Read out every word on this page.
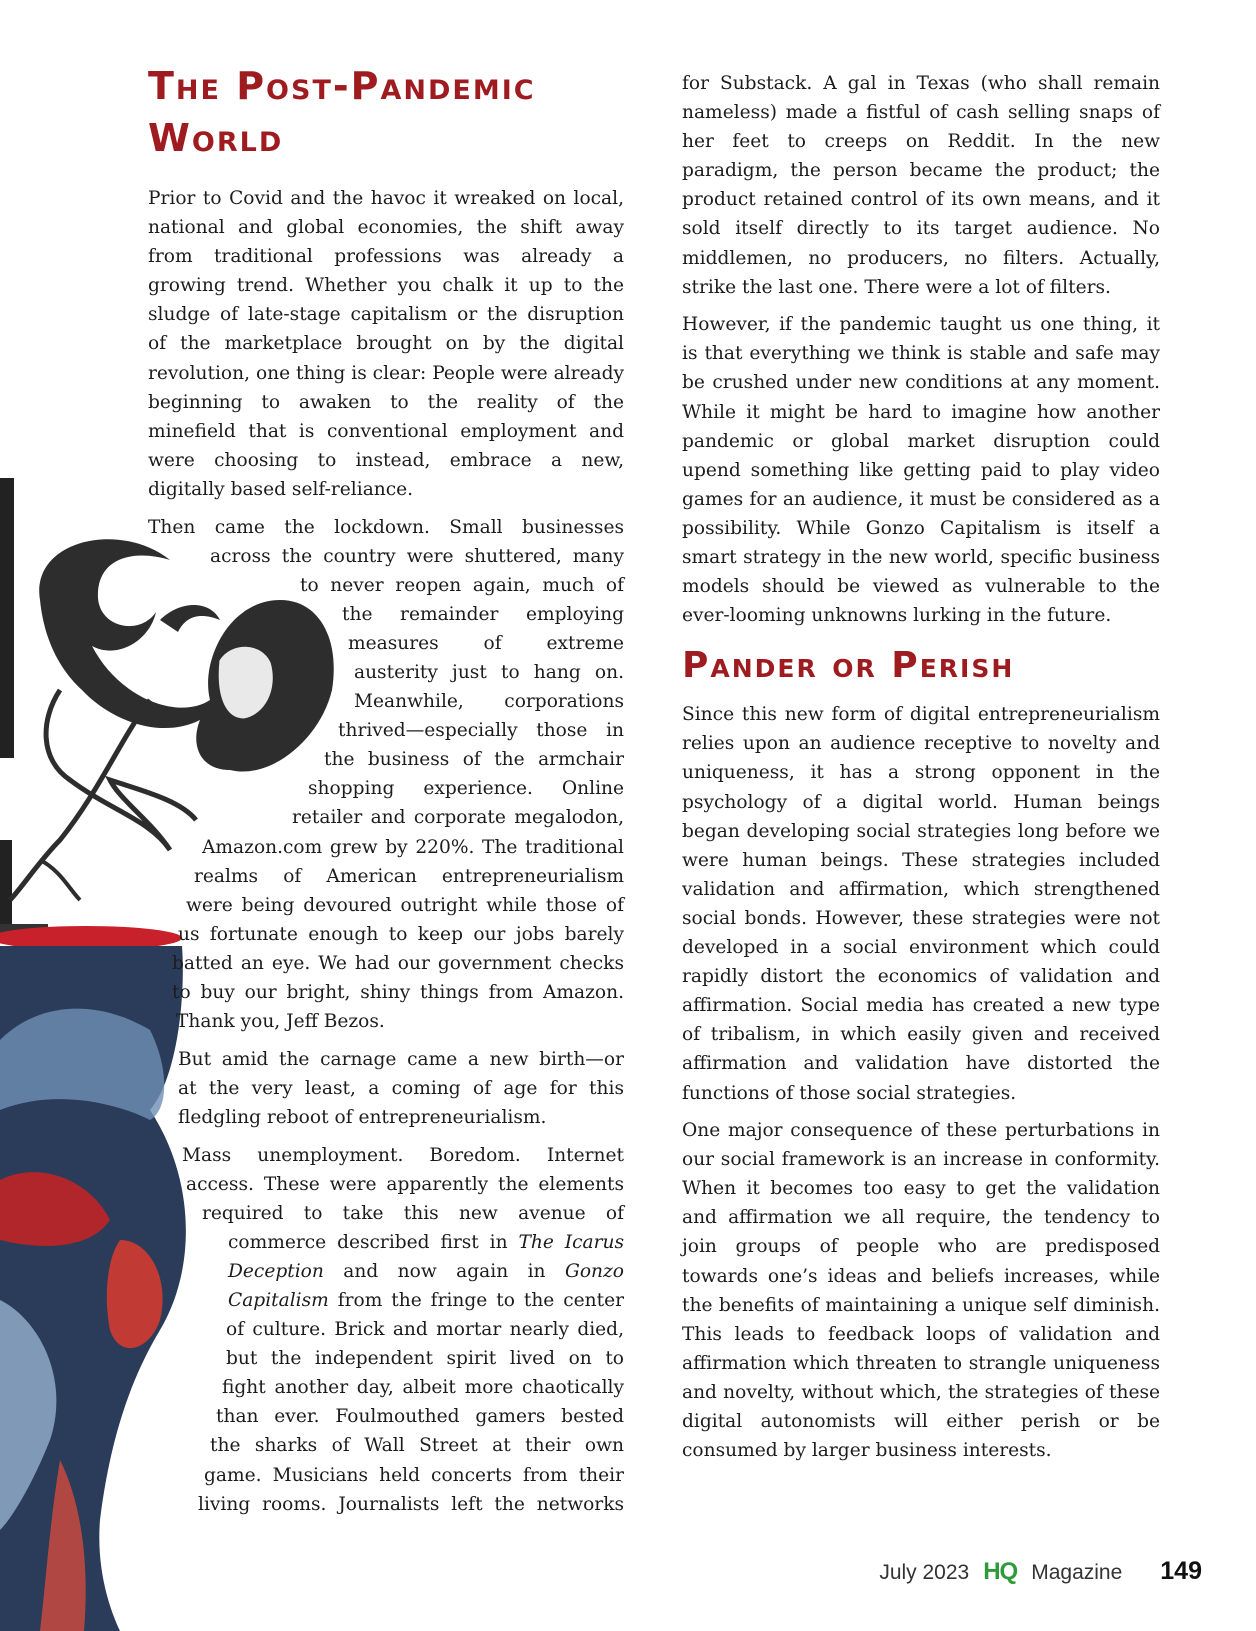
The Post-Pandemic World

Prior to Covid and the havoc it wreaked on local, national and global economies, the shift away from traditional professions was already a growing trend. Whether you chalk it up to the sludge of late-stage capitalism or the disruption of the marketplace brought on by the digital revolution, one thing is clear: People were already beginning to awaken to the reality of the minefield that is conventional employment and were choosing to instead, embrace a new, digitally based self-reliance.

Then came the lockdown. Small businesses
across the country were shuttered, many
to never reopen again, much of
the remainder employing
measures of extreme
austerity just to hang on.
Meanwhile, corporations
thrived—especially those in
the business of the armchair
shopping experience. Online
retailer and corporate megalodon,
Amazon.com grew by 220%. The traditional
realms of American entrepreneurialism
were being devoured outright while those of
us fortunate enough to keep our jobs barely
batted an eye. We had our government checks
to buy our bright, shiny things from Amazon.
Thank you, Jeff Bezos.

But amid the carnage came a new birth—or
at the very least, a coming of age for this
fledgling reboot of entrepreneurialism.

Mass unemployment. Boredom. Internet
access. These were apparently the elements
required to take this new avenue of
commerce described first in The Icarus
Deception and now again in Gonzo
Capitalism from the fringe to the center
of culture. Brick and mortar nearly died,
but the independent spirit lived on to
fight another day, albeit more chaotically
than ever. Foulmouthed gamers bested
the sharks of Wall Street at their own
game. Musicians held concerts from their
living rooms. Journalists left the networks

for Substack. A gal in Texas (who shall remain nameless) made a fistful of cash selling snaps of her feet to creeps on Reddit. In the new paradigm, the person became the product; the product retained control of its own means, and it sold itself directly to its target audience. No middlemen, no producers, no filters. Actually, strike the last one. There were a lot of filters.

However, if the pandemic taught us one thing, it is that everything we think is stable and safe may be crushed under new conditions at any moment. While it might be hard to imagine how another pandemic or global market disruption could upend something like getting paid to play video games for an audience, it must be considered as a possibility. While Gonzo Capitalism is itself a smart strategy in the new world, specific business models should be viewed as vulnerable to the ever-looming unknowns lurking in the future.

Pander or Perish

Since this new form of digital entrepreneurialism relies upon an audience receptive to novelty and uniqueness, it has a strong opponent in the psychology of a digital world. Human beings began developing social strategies long before we were human beings. These strategies included validation and affirmation, which strengthened social bonds. However, these strategies were not developed in a social environment which could rapidly distort the economics of validation and affirmation. Social media has created a new type of tribalism, in which easily given and received affirmation and validation have distorted the functions of those social strategies.

One major consequence of these perturbations in our social framework is an increase in conformity. When it becomes too easy to get the validation and affirmation we all require, the tendency to join groups of people who are predisposed towards one’s ideas and beliefs increases, while the benefits of maintaining a unique self diminish. This leads to feedback loops of validation and affirmation which threaten to strangle uniqueness and novelty, without which, the strategies of these digital autonomists will either perish or be consumed by larger business interests.

July 2023 HQ Magazine 149
